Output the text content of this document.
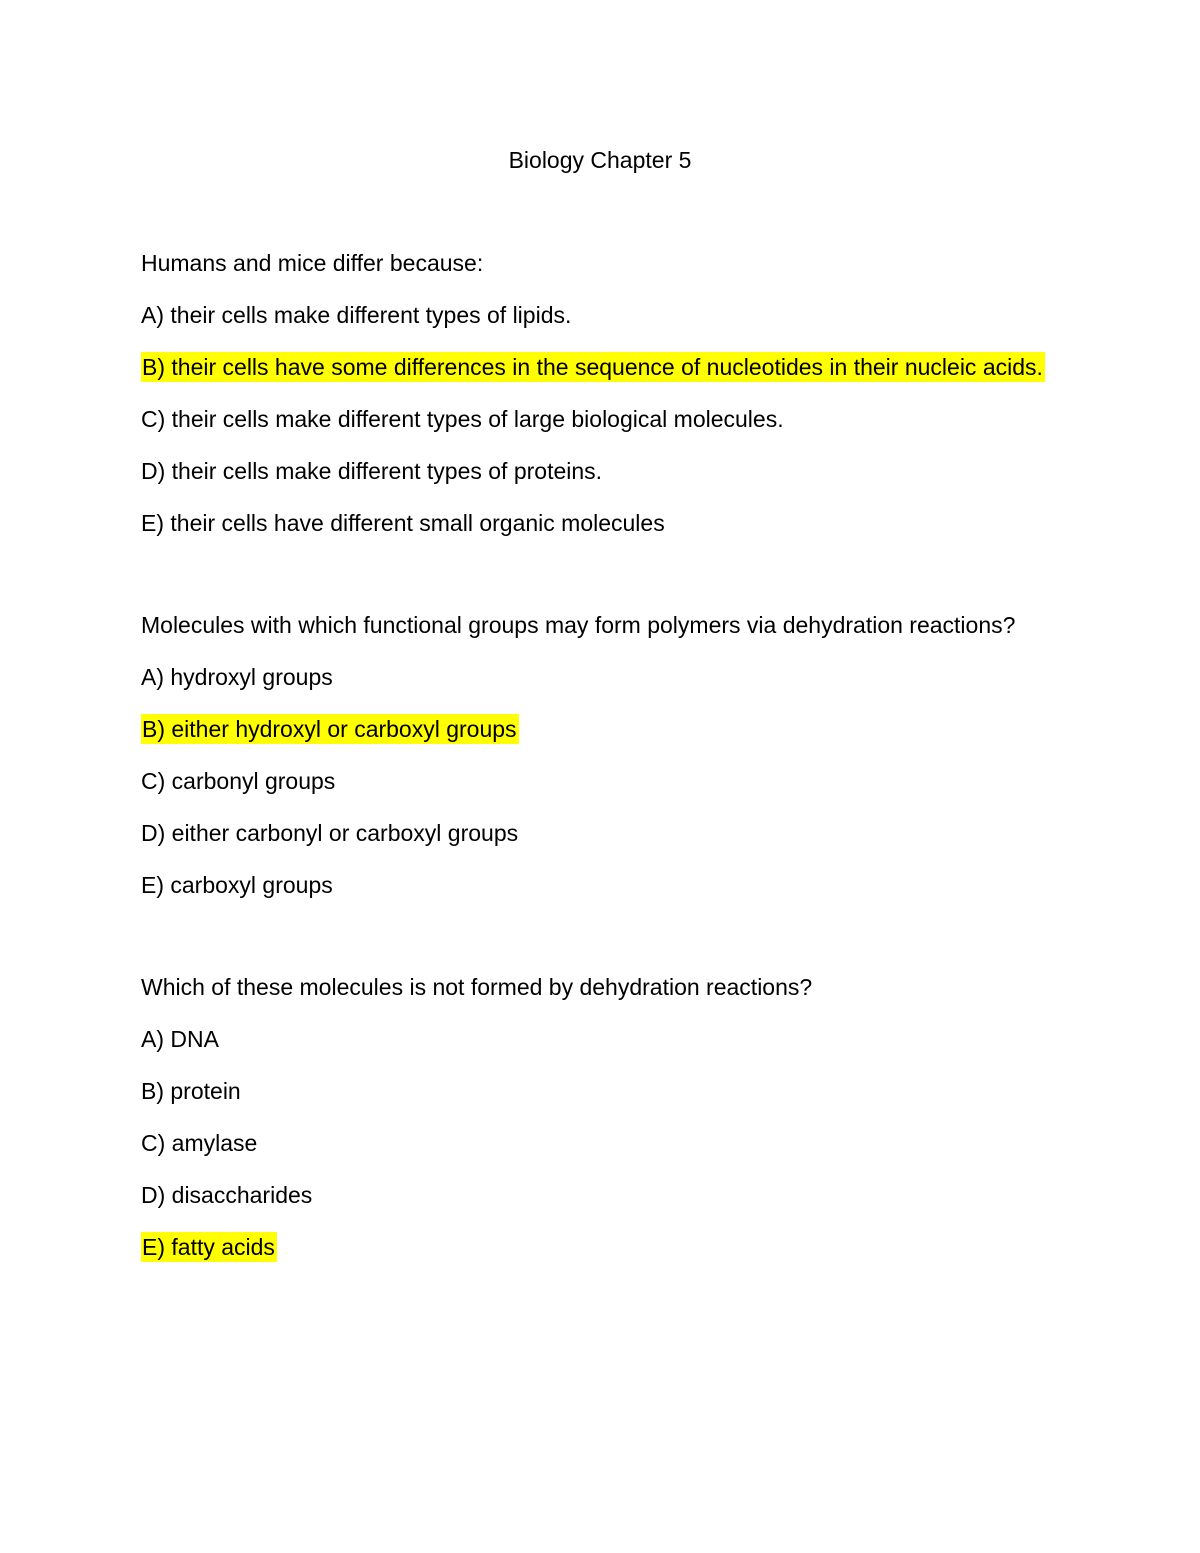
Biology Chapter 5
Humans and mice differ because:
A) their cells make different types of lipids.
B) their cells have some differences in the sequence of nucleotides in their nucleic acids.
C) their cells make different types of large biological molecules.
D) their cells make different types of proteins.
E) their cells have different small organic molecules
Molecules with which functional groups may form polymers via dehydration reactions?
A) hydroxyl groups
B) either hydroxyl or carboxyl groups
C) carbonyl groups
D) either carbonyl or carboxyl groups
E) carboxyl groups
Which of these molecules is not formed by dehydration reactions?
A) DNA
B) protein
C) amylase
D) disaccharides
E) fatty acids
